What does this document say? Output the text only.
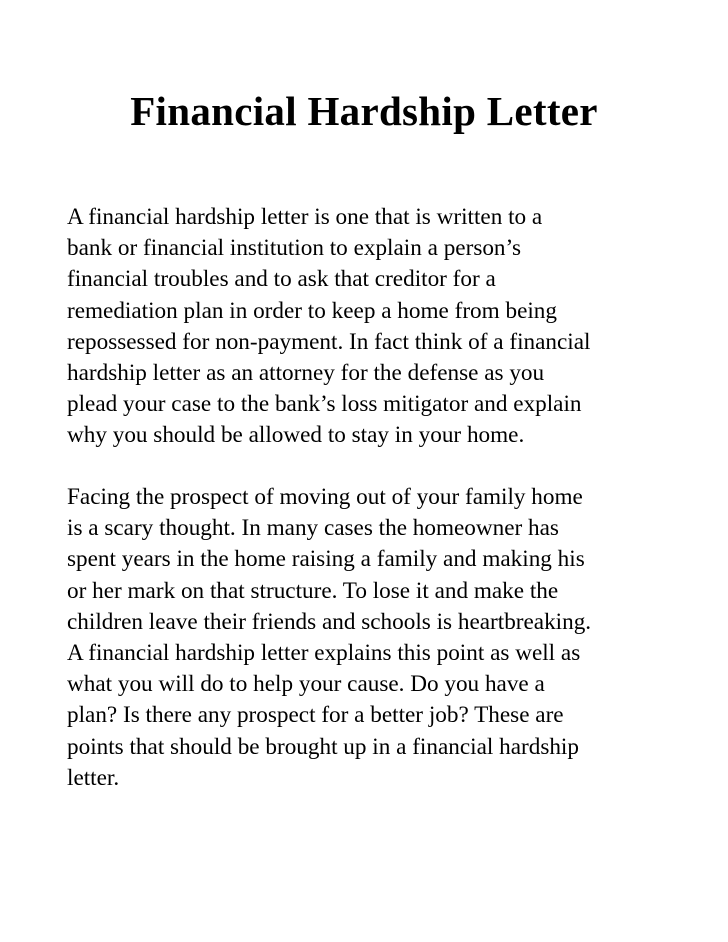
Financial Hardship Letter

A financial hardship letter is one that is written to a
bank or financial institution to explain a person’s
financial troubles and to ask that creditor for a
remediation plan in order to keep a home from being
repossessed for non-payment. In fact think of a financial
hardship letter as an attorney for the defense as you
plead your case to the bank’s loss mitigator and explain
why you should be allowed to stay in your home.

Facing the prospect of moving out of your family home
is a scary thought. In many cases the homeowner has
spent years in the home raising a family and making his
or her mark on that structure. To lose it and make the
children leave their friends and schools is heartbreaking.
A financial hardship letter explains this point as well as
what you will do to help your cause. Do you have a
plan? Is there any prospect for a better job? These are
points that should be brought up in a financial hardship
letter.
